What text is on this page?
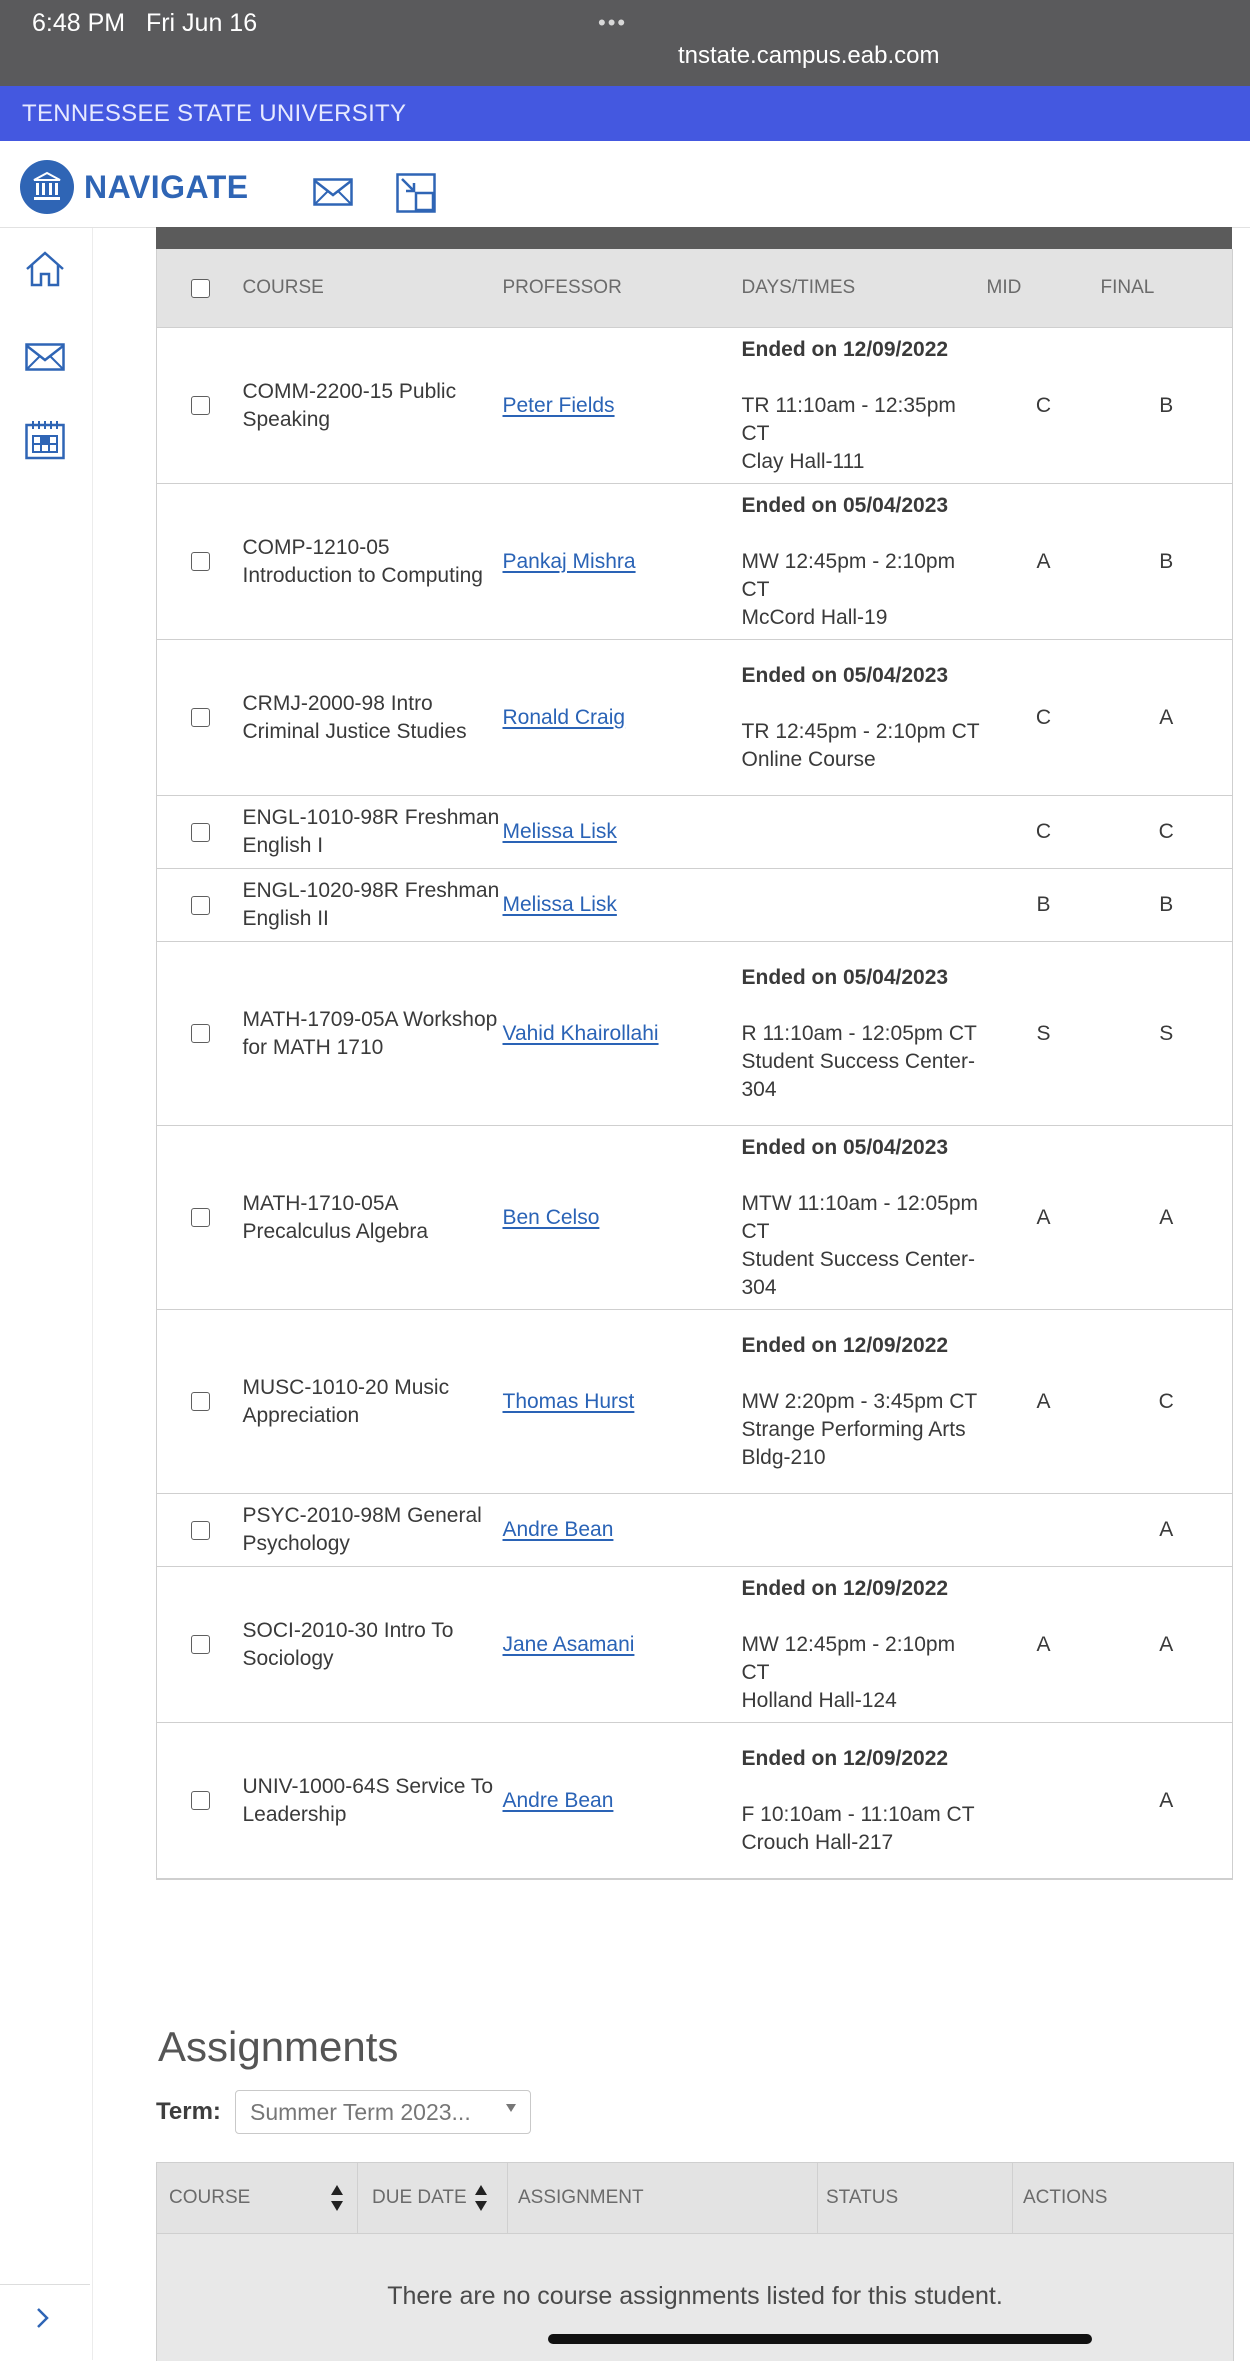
6:48 PM Fri Jun 16	•••
tnstate.campus.eab.com
TENNESSEE STATE UNIVERSITY
NAVIGATE
	COURSE	PROFESSOR	DAYS/TIMES	MID	FINAL

	COMM-2200-15 Public Speaking	Peter Fields	Ended on 12/09/2022
TR 11:10am - 12:35pm CT
Clay Hall-111	C	B

	COMP-1210-05 Introduction to Computing	Pankaj Mishra	Ended on 05/04/2023
MW 12:45pm - 2:10pm CT
McCord Hall-19	A	B

	CRMJ-2000-98 Intro Criminal Justice Studies	Ronald Craig	Ended on 05/04/2023
TR 12:45pm - 2:10pm CT
Online Course	C	A

	ENGL-1010-98R Freshman English I	Melissa Lisk		C	C

	ENGL-1020-98R Freshman English II	Melissa Lisk		B	B

	MATH-1709-05A Workshop for MATH 1710	Vahid Khairollahi	Ended on 05/04/2023
R 11:10am - 12:05pm CT
Student Success Center-304	S	S

	MATH-1710-05A Precalculus Algebra	Ben Celso	Ended on 05/04/2023
MTW 11:10am - 12:05pm CT
Student Success Center-304	A	A

	MUSC-1010-20 Music Appreciation	Thomas Hurst	Ended on 12/09/2022
MW 2:20pm - 3:45pm CT
Strange Performing Arts Bldg-210	A	C

	PSYC-2010-98M General Psychology	Andre Bean			A

	SOCI-2010-30 Intro To Sociology	Jane Asamani	Ended on 12/09/2022
MW 12:45pm - 2:10pm CT
Holland Hall-124	A	A

	UNIV-1000-64S Service To Leadership	Andre Bean	Ended on 12/09/2022
F 10:10am - 11:10am CT
Crouch Hall-217		A
Assignments
Term: Summer Term 2023...
COURSE	DUE DATE	ASSIGNMENT	STATUS	ACTIONS
There are no course assignments listed for this student.
